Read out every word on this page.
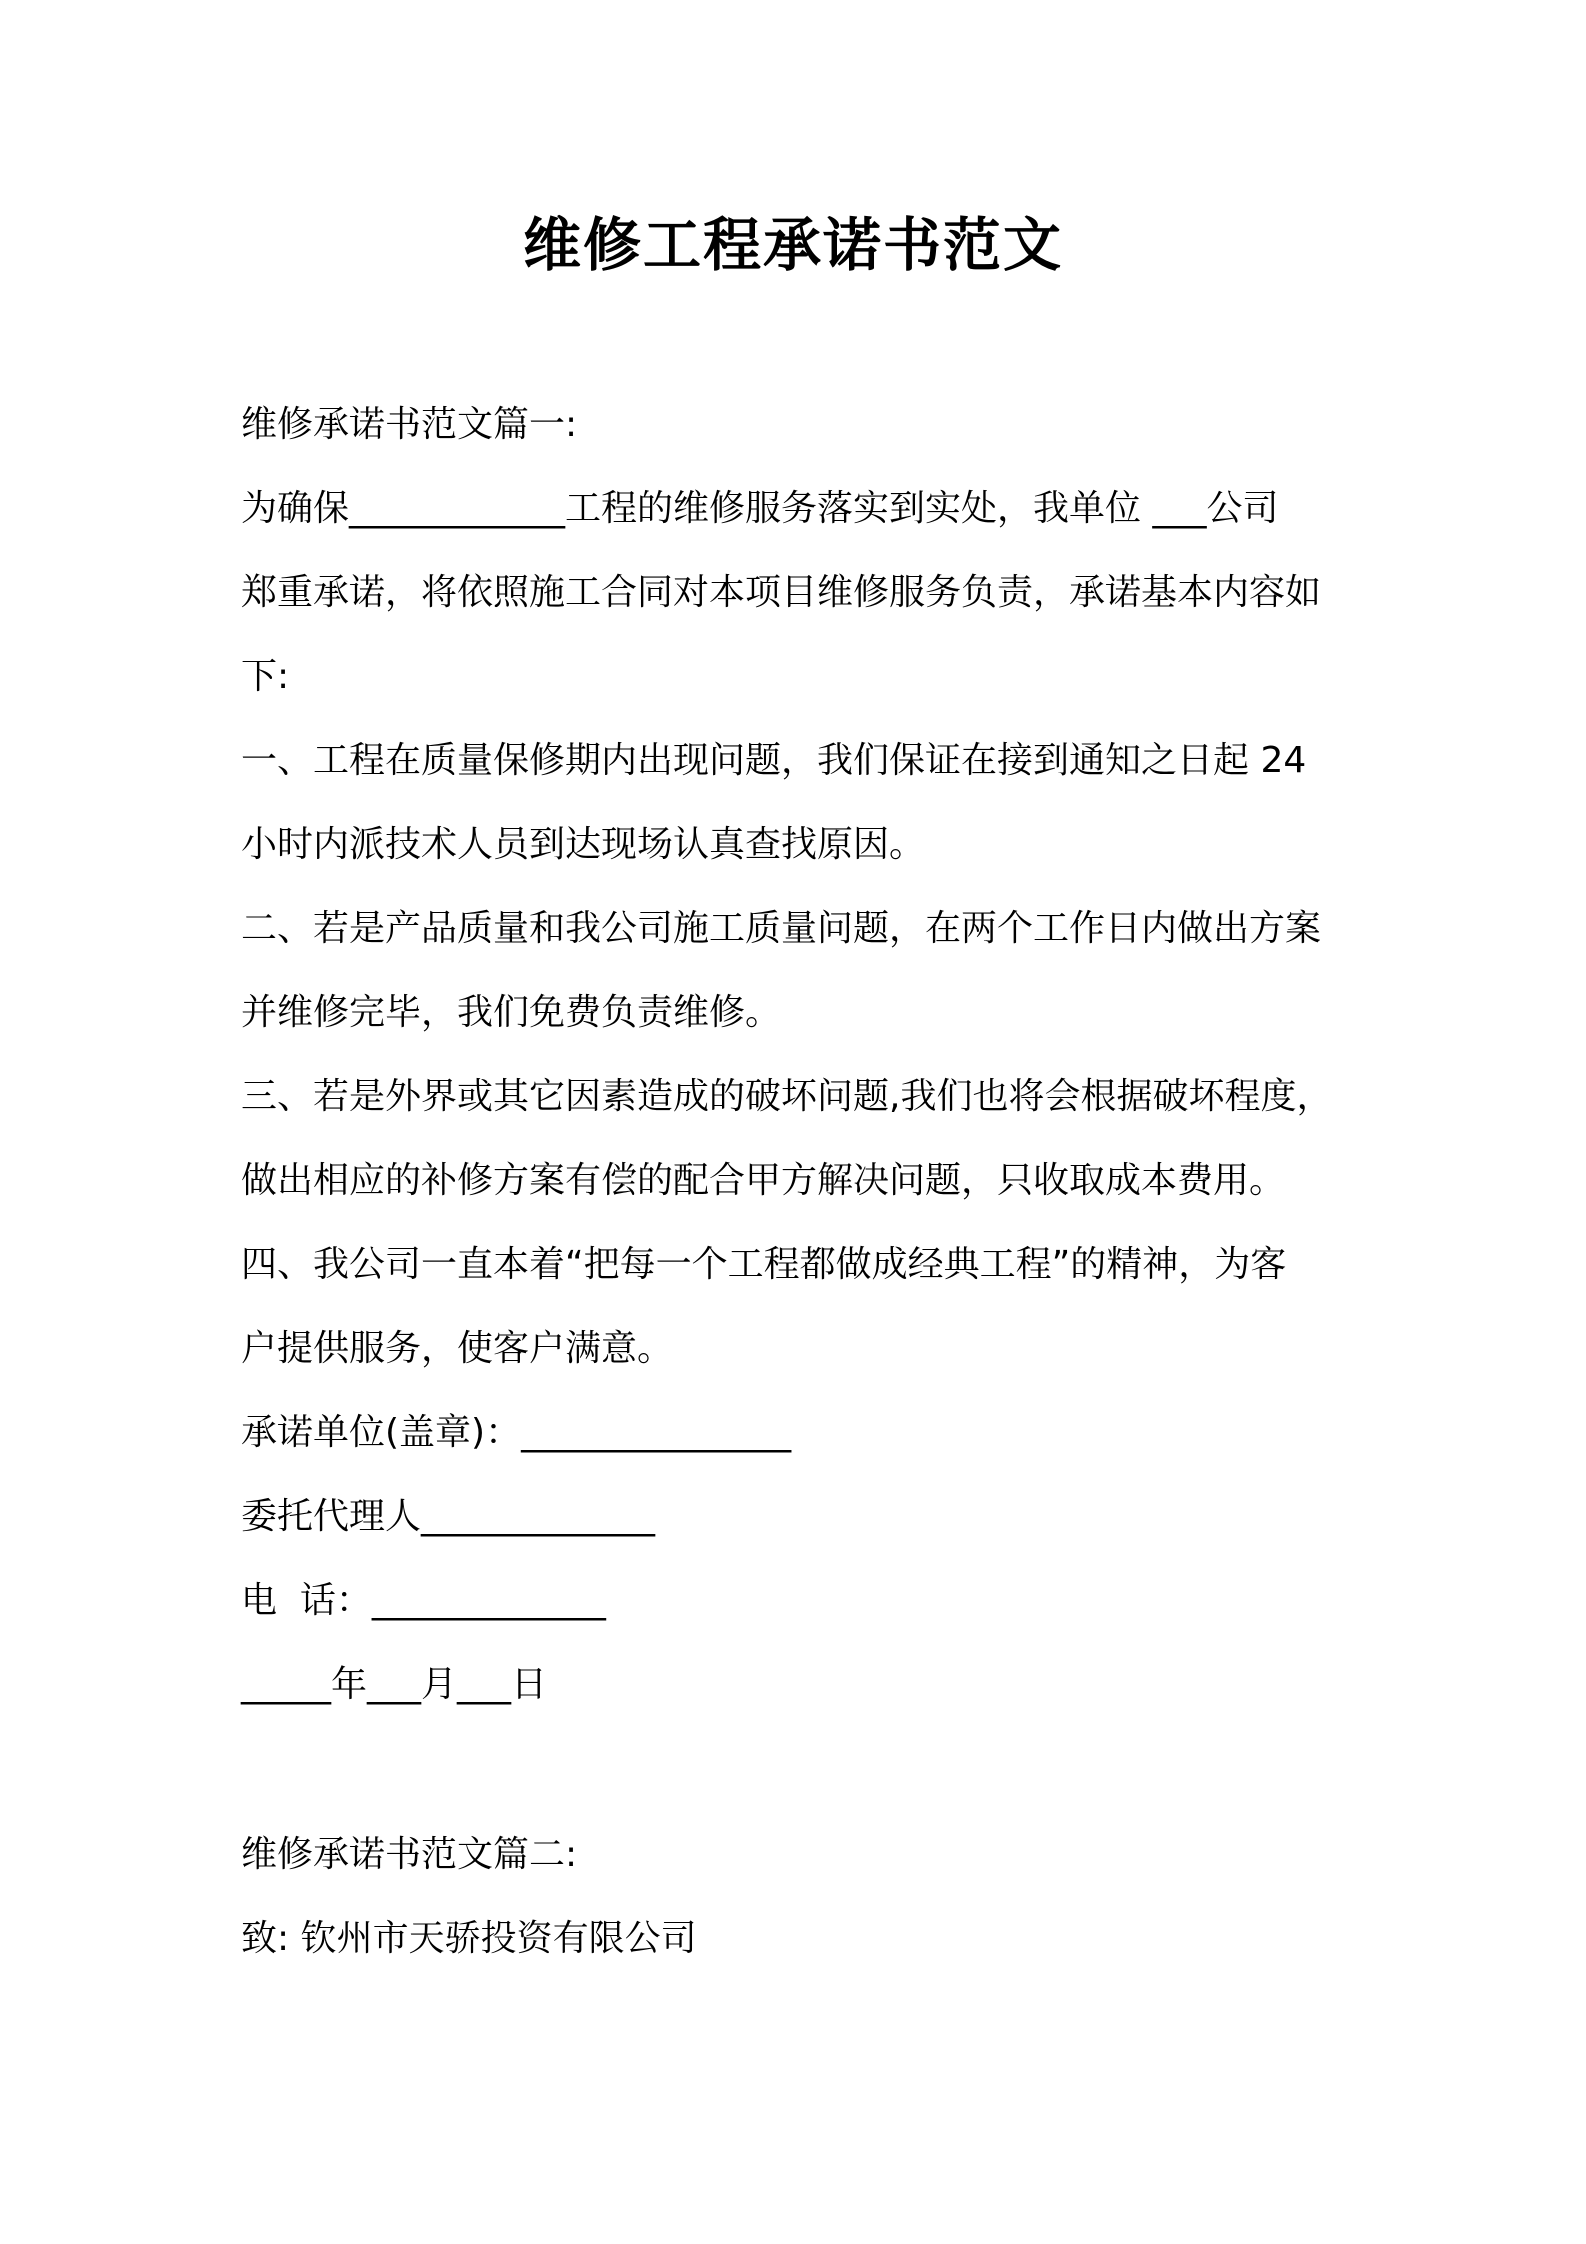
维修工程承诺书范文
维修承诺书范文篇一:
为确保____________工程的维修服务落实到实处，我单位 ___公司
郑重承诺，将依照施工合同对本项目维修服务负责，承诺基本内容如
下:
一、工程在质量保修期内出现问题，我们保证在接到通知之日起 24
小时内派技术人员到达现场认真查找原因。
二、若是产品质量和我公司施工质量问题，在两个工作日内做出方案
并维修完毕，我们免费负责维修。
三、若是外界或其它因素造成的破坏问题,我们也将会根据破坏程度，
做出相应的补修方案有偿的配合甲方解决问题，只收取成本费用。
四、我公司一直本着“把每一个工程都做成经典工程”的精神，为客
户提供服务，使客户满意。
承诺单位(盖章)：_______________
委托代理人_____________
电  话：_____________
_____年___月___日
维修承诺书范文篇二:
致: 钦州市天骄投资有限公司
